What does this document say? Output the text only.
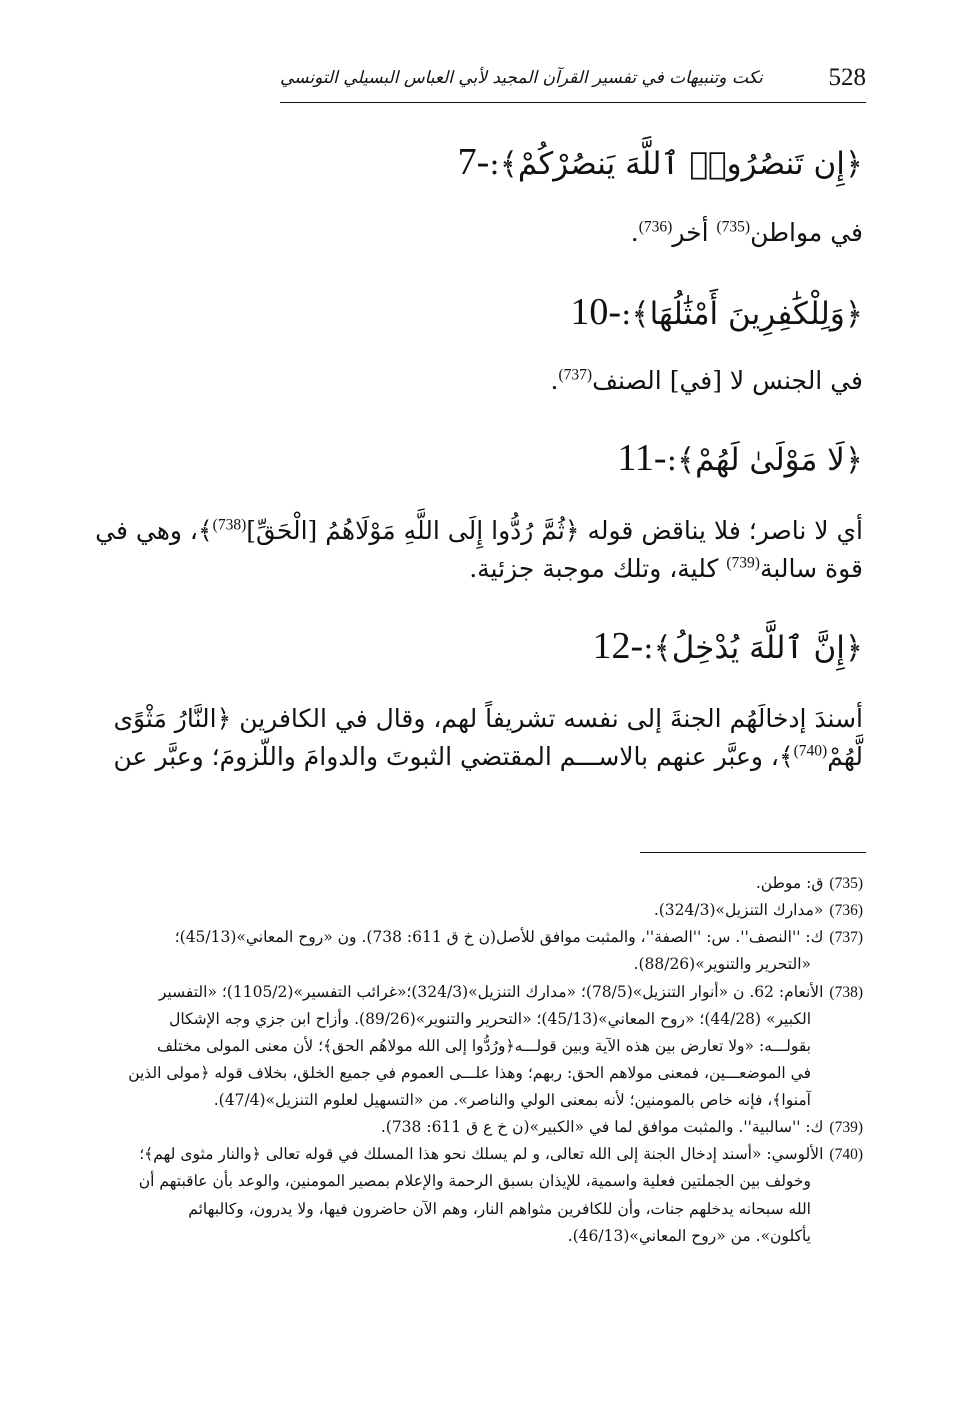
528
نكت وتنبيهات في تفسير القرآن المجيد لأبي العباس البسيلي التونسي
﴿إِن تَنصُرُوا۟ ٱللَّهَ يَنصُرْكُمْ﴾:-7
في مواطن$^{(735)}$ أخر$^{(736)}$.
﴿وَلِلْكَٰفِرِينَ أَمْثَٰلُهَا﴾:-10
في الجنس لا [في] الصنف$^{(737)}$.
﴿لَا مَوْلَىٰ لَهُمْ﴾:-11
أي لا ناصر؛ فلا يناقض قوله ﴿ثُمَّ رُدُّوا إِلَى اللَّهِ مَوْلَاهُمُ [الْحَقِّ]$^{(738)}$﴾، وهي في قوة سالبة$^{(739)}$ كلية، وتلك موجبة جزئية.
﴿إِنَّ ٱللَّهَ يُدْخِلُ﴾:-12
أسندَ إدخالَهُم الجنةَ إلى نفسه تشريفاً لهم، وقال في الكافرين ﴿النَّارُ مَثْوًى لَّهُمْ$^{(740)}$﴾، وعبَّر عنهم بالاســـم المقتضي الثبوتَ والدوامَ واللّزومَ؛ وعبَّر عن

(735)ق: موطن.

(736)«مدارك التنزيل»(324/3).

(737)ك: ''النصف''. س: ''الصفة''، والمثبت موافق للأصل(ن خ ق 611: 738). ون «روح المعاني»(45/13)؛
«التحرير والتنوير»(88/26).

(738)الأنعام: 62. ن «أنوار التنزيل»(78/5)؛ «مدارك التنزيل»(324/3)؛«غرائب التفسير»(1105/2)؛ «التفسير
الكبير» (44/28)؛ «روح المعاني»(45/13)؛ «التحرير والتنوير»(89/26). وأزاح ابن جزي وجه الإشكال
بقولـــه: «ولا تعارض بين هذه الآية وبين قولـــه﴿ورُدُّوا إلى الله مولاهُم الحق﴾؛ لأن معنى المولى مختلف
في الموضعـــين، فمعنى مولاهم الحق: ربهم؛ وهذا علـــى العموم في جميع الخلق، بخلاف قوله ﴿مولى الذين
آمنوا﴾، فإنه خاص بالمومنين؛ لأنه بمعنى الولي والناصر». من «التسهيل لعلوم التنزيل»(47/4).

(739)ك: ''سالبية''. والمثبت موافق لما في «الكبير»(ن خ ع ق 611: 738).

(740)الألوسي: «أسند إدخال الجنة إلى الله تعالى، و لم يسلك نحو هذا المسلك في قوله تعالى ﴿والنار مثوى لهم﴾؛
وخولف بين الجملتين فعلية واسمية، للإيذان بسبق الرحمة والإعلام بمصير المومنين، والوعد بأن عاقبتهم أن
الله سبحانه يدخلهم جنات، وأن للكافرين مثواهم النار، وهم الآن حاضرون فيها، ولا يدرون، وكالبهائم
يأكلون». من «روح المعاني»(46/13).
